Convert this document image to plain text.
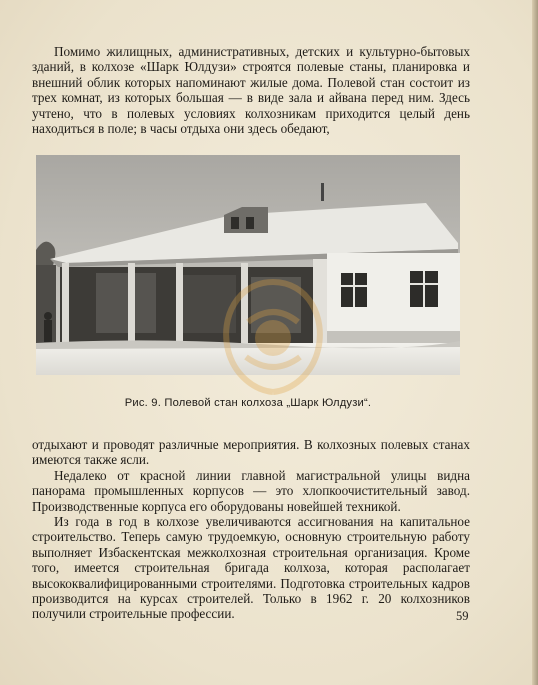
Помимо жилищных, административных, детских и культурно-бытовых зданий, в колхозе «Шарк Юлдузи» строятся полевые станы, планировка и внешний облик которых напоминают жилые дома. Полевой стан состоит из трех комнат, из которых большая — в виде зала и айвана перед ним. Здесь учтено, что в полевых условиях колхозникам приходится целый день находиться в поле; в часы отдыха они здесь обедают,

Рис. 9. Полевой стан колхоза „Шарк Юлдузи“.

отдыхают и проводят различные мероприятия. В колхозных полевых станах имеются также ясли.

Недалеко от красной линии главной магистральной улицы видна панорама промышленных корпусов — это хлопкоочистительный завод. Производственные корпуса его оборудованы новейшей техникой.

Из года в год в колхозе увеличиваются ассигнования на капитальное строительство. Теперь самую трудоемкую, основную строительную работу выполняет Избаскентская межколхозная строительная организация. Кроме того, имеется строительная бригада колхоза, которая располагает высококвалифицированными строителями. Подготовка строительных кадров производится на курсах строителей. Только в 1962 г. 20 колхозников получили строительные профессии.	59
